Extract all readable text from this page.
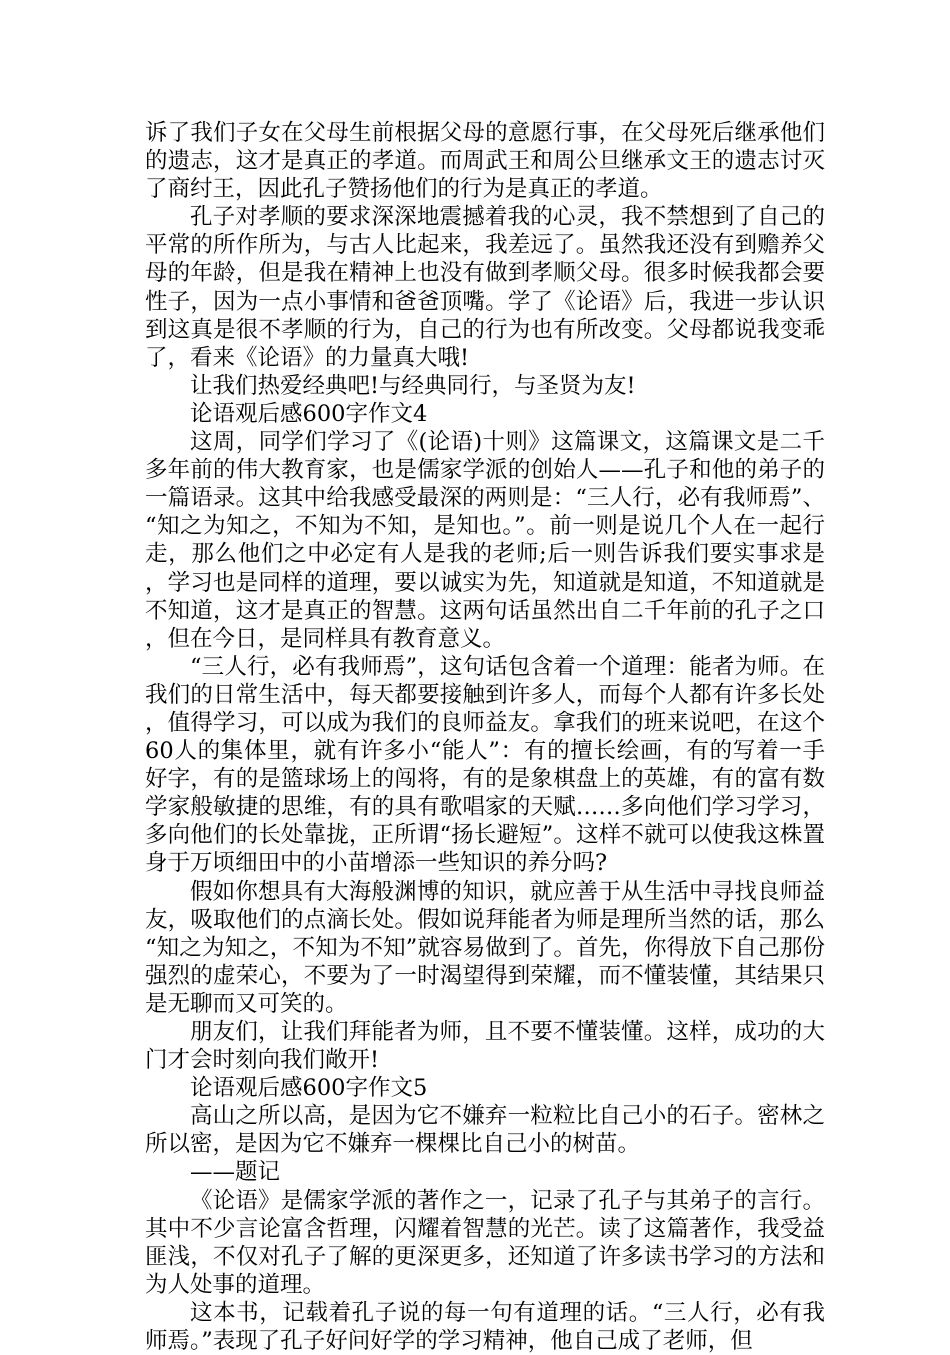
诉了我们子女在父母生前根据父母的意愿行事，在父母死后继承他们的遗志，这才是真正的孝道。而周武王和周公旦继承文王的遗志讨灭了商纣王，因此孔子赞扬他们的行为是真正的孝道。

孔子对孝顺的要求深深地震撼着我的心灵，我不禁想到了自己的平常的所作所为，与古人比起来，我差远了。虽然我还没有到赡养父母的年龄，但是我在精神上也没有做到孝顺父母。很多时候我都会要性子，因为一点小事情和爸爸顶嘴。学了《论语》后，我进一步认识到这真是很不孝顺的行为，自己的行为也有所改变。父母都说我变乖了，看来《论语》的力量真大哦!

让我们热爱经典吧!与经典同行，与圣贤为友!

论语观后感600字作文4

这周，同学们学习了《(论语)十则》这篇课文，这篇课文是二千多年前的伟大教育家，也是儒家学派的创始人——孔子和他的弟子的一篇语录。这其中给我感受最深的两则是：“三人行，必有我师焉”、“知之为知之，不知为不知，是知也。”。前一则是说几个人在一起行走，那么他们之中必定有人是我的老师;后一则告诉我们要实事求是，学习也是同样的道理，要以诚实为先，知道就是知道，不知道就是不知道，这才是真正的智慧。这两句话虽然出自二千年前的孔子之口，但在今日，是同样具有教育意义。

“三人行，必有我师焉”，这句话包含着一个道理：能者为师。在我们的日常生活中，每天都要接触到许多人，而每个人都有许多长处，值得学习，可以成为我们的良师益友。拿我们的班来说吧，在这个60人的集体里，就有许多小“能人”：有的擅长绘画，有的写着一手好字，有的是篮球场上的闯将，有的是象棋盘上的英雄，有的富有数学家般敏捷的思维，有的具有歌唱家的天赋……多向他们学习学习，多向他们的长处靠拢，正所谓“扬长避短”。这样不就可以使我这株置身于万顷细田中的小苗增添一些知识的养分吗?

假如你想具有大海般渊博的知识，就应善于从生活中寻找良师益友，吸取他们的点滴长处。假如说拜能者为师是理所当然的话，那么“知之为知之，不知为不知”就容易做到了。首先，你得放下自己那份强烈的虚荣心，不要为了一时渴望得到荣耀，而不懂装懂，其结果只是无聊而又可笑的。

朋友们，让我们拜能者为师，且不要不懂装懂。这样，成功的大门才会时刻向我们敞开!

论语观后感600字作文5

高山之所以高，是因为它不嫌弃一粒粒比自己小的石子。密林之所以密，是因为它不嫌弃一棵棵比自己小的树苗。

——题记

《论语》是儒家学派的著作之一，记录了孔子与其弟子的言行。其中不少言论富含哲理，闪耀着智慧的光芒。读了这篇著作，我受益匪浅，不仅对孔子了解的更深更多，还知道了许多读书学习的方法和为人处事的道理。

这本书，记载着孔子说的每一句有道理的话。“三人行，必有我师焉。”表现了孔子好问好学的学习精神，他自己成了老师，但
